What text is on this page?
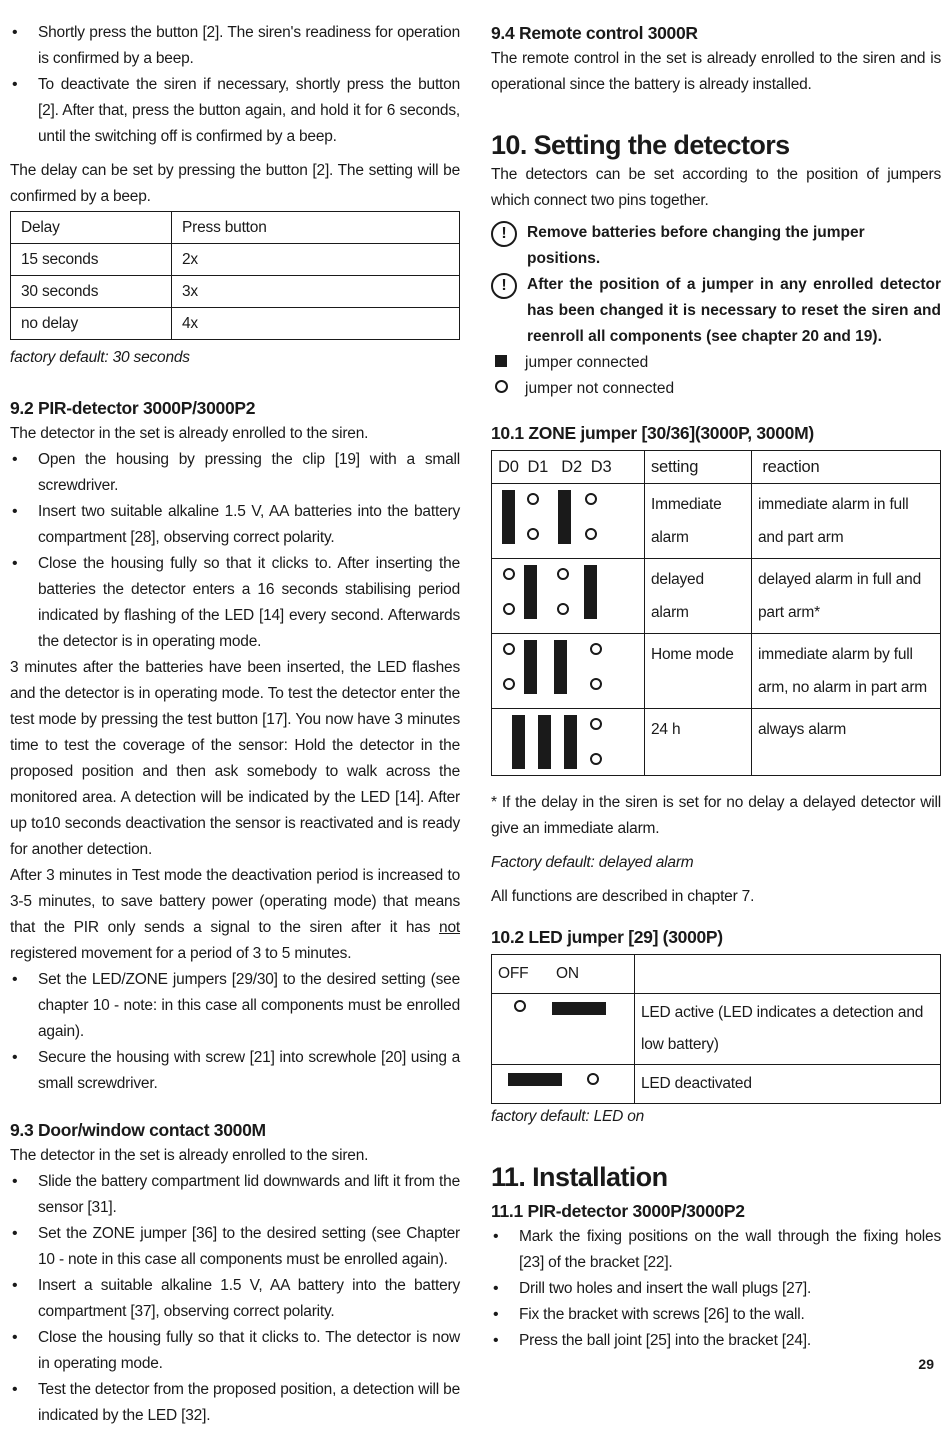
• Shortly press the button [2]. The siren's readiness for operation is confirmed by a beep.
• To deactivate the siren if necessary, shortly press the button [2]. After that, press the button again, and hold it for 6 seconds, until the switching off is confirmed by a beep.

The delay can be set by pressing the button [2]. The setting will be confirmed by a beep.

Delay	Press button
15 seconds	2x
30 seconds	3x
no delay	4x

factory default: 30 seconds

9.2 PIR-detector 3000P/3000P2

The detector in the set is already enrolled to the siren.

• Open the housing by pressing the clip [19] with a small screwdriver.
• Insert two suitable alkaline 1.5 V, AA batteries into the battery compartment [28], observing correct polarity.
• Close the housing fully so that it clicks to. After inserting the batteries the detector enters a 16 seconds stabilising period indicated by flashing of the LED [14] every second. Afterwards the detector is in operating mode.

3 minutes after the batteries have been inserted, the LED flashes and the detector is in operating mode. To test the detector enter the test mode by pressing the test button [17]. You now have 3 minutes time to test the coverage of the sensor: Hold the detector in the proposed position and then ask somebody to walk across the monitored area. A detection will be indicated by the LED [14]. After up to10 seconds deactivation the sensor is reactivated and is ready for another detection.

After 3 minutes in Test mode the deactivation period is increased to 3-5 minutes, to save battery power (operating mode) that means that the PIR only sends a signal to the siren after it has not registered movement for a period of 3 to 5 minutes.

• Set the LED/ZONE jumpers [29/30] to the desired setting (see chapter 10 - note: in this case all components must be enrolled again).
• Secure the housing with screw [21] into screwhole [20] using a small screwdriver.
9.3 Door/window contact 3000M

The detector in the set is already enrolled to the siren.

• Slide the battery compartment lid downwards and lift it from the sensor [31].
• Set the ZONE jumper [36] to the desired setting (see Chapter 10 - note in this case all components must be enrolled again).
• Insert a suitable alkaline 1.5 V, AA battery into the battery compartment [37], observing correct polarity.
• Close the housing fully so that it clicks to. The detector is now in operating mode.
• Test the detector from the proposed position, a detection will be indicated by the LED [32].
9.4 Remote control 3000R

The remote control in the set is already enrolled to the siren and is operational since the battery is already installed.

10. Setting the detectors

The detectors can be set according to the position of jumpers which connect two pins together.

!	Remove batteries before changing the jumper positions.
!	After the position of a jumper in any enrolled detector has been changed it is necessary to reset the siren and reenroll all components (see chapter 20 and 19).
jumper connected
jumper not connected
10.1 ZONE jumper [30/36](3000P, 3000M)
D0  D1   D2  D3	setting	reaction

	Immediate alarm	immediate alarm in full and part arm

	delayed alarm	delayed alarm in full and part arm*

	Home mode	immediate alarm by full arm, no alarm in part arm

	24 h	always alarm

* If the delay in the siren is set for no delay a delayed detector will give an immediate alarm.

Factory default: delayed alarm

All functions are described in chapter 7.

10.2 LED jumper [29] (3000P)
OFF ON	

	LED active (LED indicates a detection and low battery)

	LED deactivated

factory default: LED on

11. Installation
11.1 PIR-detector 3000P/3000P2
• Mark the fixing positions on the wall through the fixing holes [23] of the bracket [22].
• Drill two holes and insert the wall plugs [27].
• Fix the bracket with screws [26] to the wall.
• Press the ball joint [25] into the bracket [24].
29
